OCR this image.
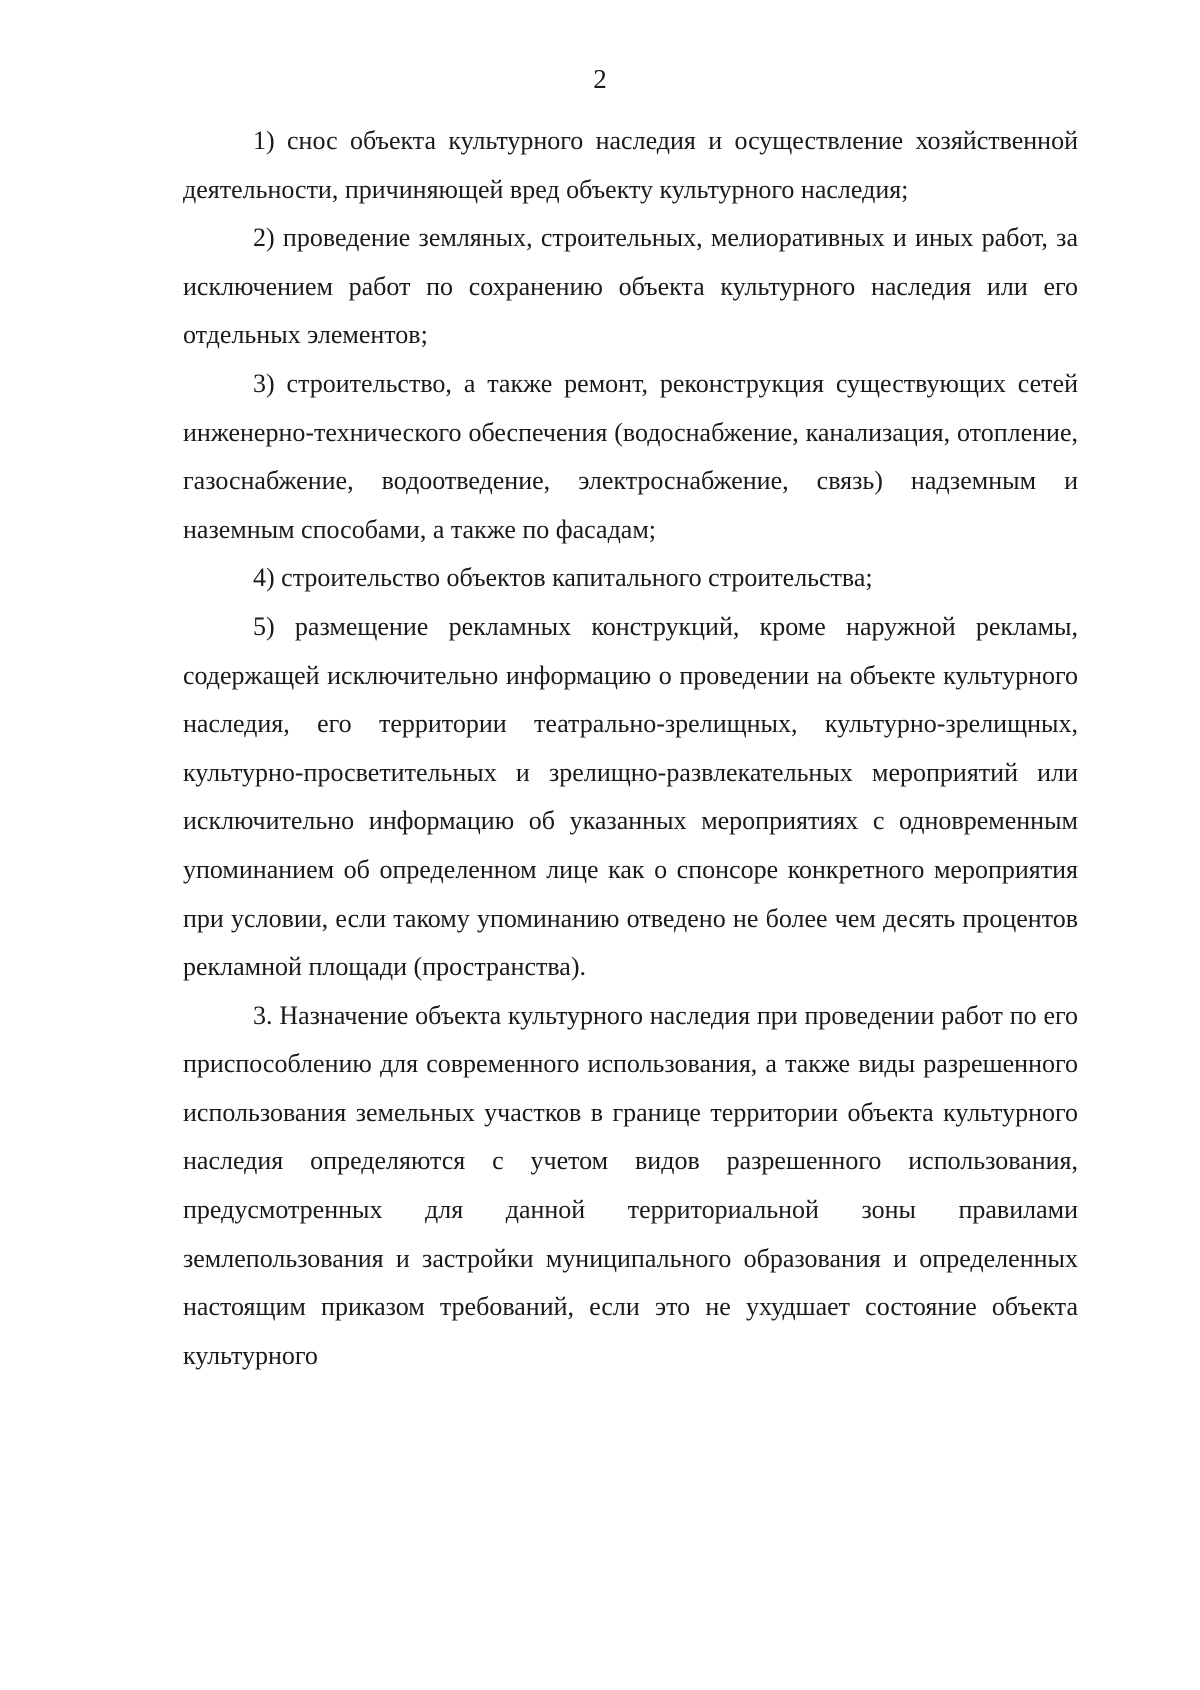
2

1) снос объекта культурного наследия и осуществление хозяйственной деятельности, причиняющей вред объекту культурного наследия;

2) проведение земляных, строительных, мелиоративных и иных работ, за исключением работ по сохранению объекта культурного наследия или его отдельных элементов;

3) строительство, а также ремонт, реконструкция существующих сетей инженерно-технического обеспечения (водоснабжение, канализация, отопление, газоснабжение, водоотведение, электроснабжение, связь) надземным и наземным способами, а также по фасадам;

4) строительство объектов капитального строительства;

5) размещение рекламных конструкций, кроме наружной рекламы, содержащей исключительно информацию о проведении на объекте культурного наследия, его территории театрально-зрелищных, культурно-зрелищных, культурно-просветительных и зрелищно-развлекательных мероприятий или исключительно информацию об указанных мероприятиях с одновременным упоминанием об определенном лице как о спонсоре конкретного мероприятия при условии, если такому упоминанию отведено не более чем десять процентов рекламной площади (пространства).

3. Назначение объекта культурного наследия при проведении работ по его приспособлению для современного использования, а также виды разрешенного использования земельных участков в границе территории объекта культурного наследия определяются с учетом видов разрешенного использования, предусмотренных для данной территориальной зоны правилами землепользования и застройки муниципального образования и определенных настоящим приказом требований, если это не ухудшает состояние объекта культурного
